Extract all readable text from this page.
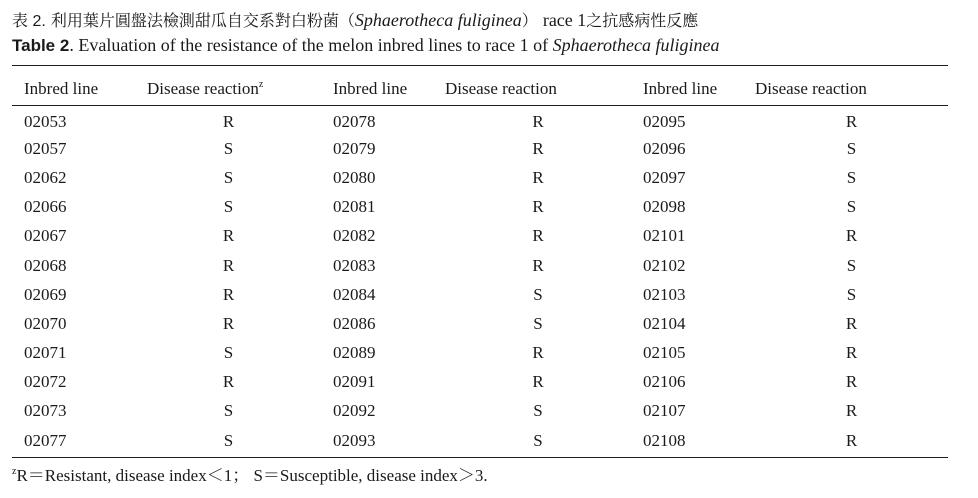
表 2. 利用葉片圓盤法檢測甜瓜自交系對白粉菌（Sphaerotheca fuliginea） race 1之抗感病性反應
Table 2. Evaluation of the resistance of the melon inbred lines to race 1 of Sphaerotheca fuliginea
Inbred line	Disease reaction$^z$	Inbred line	Disease reaction	Inbred line	Disease reaction
02053	R	02078	R	02095	R
02057	S	02079	R	02096	S
02062	S	02080	R	02097	S
02066	S	02081	R	02098	S
02067	R	02082	R	02101	R
02068	R	02083	R	02102	S
02069	R	02084	S	02103	S
02070	R	02086	S	02104	R
02071	S	02089	R	02105	R
02072	R	02091	R	02106	R
02073	S	02092	S	02107	R
02077	S	02093	S	02108	R
$^z$R＝Resistant, disease index＜1； S＝Susceptible, disease index＞3.
